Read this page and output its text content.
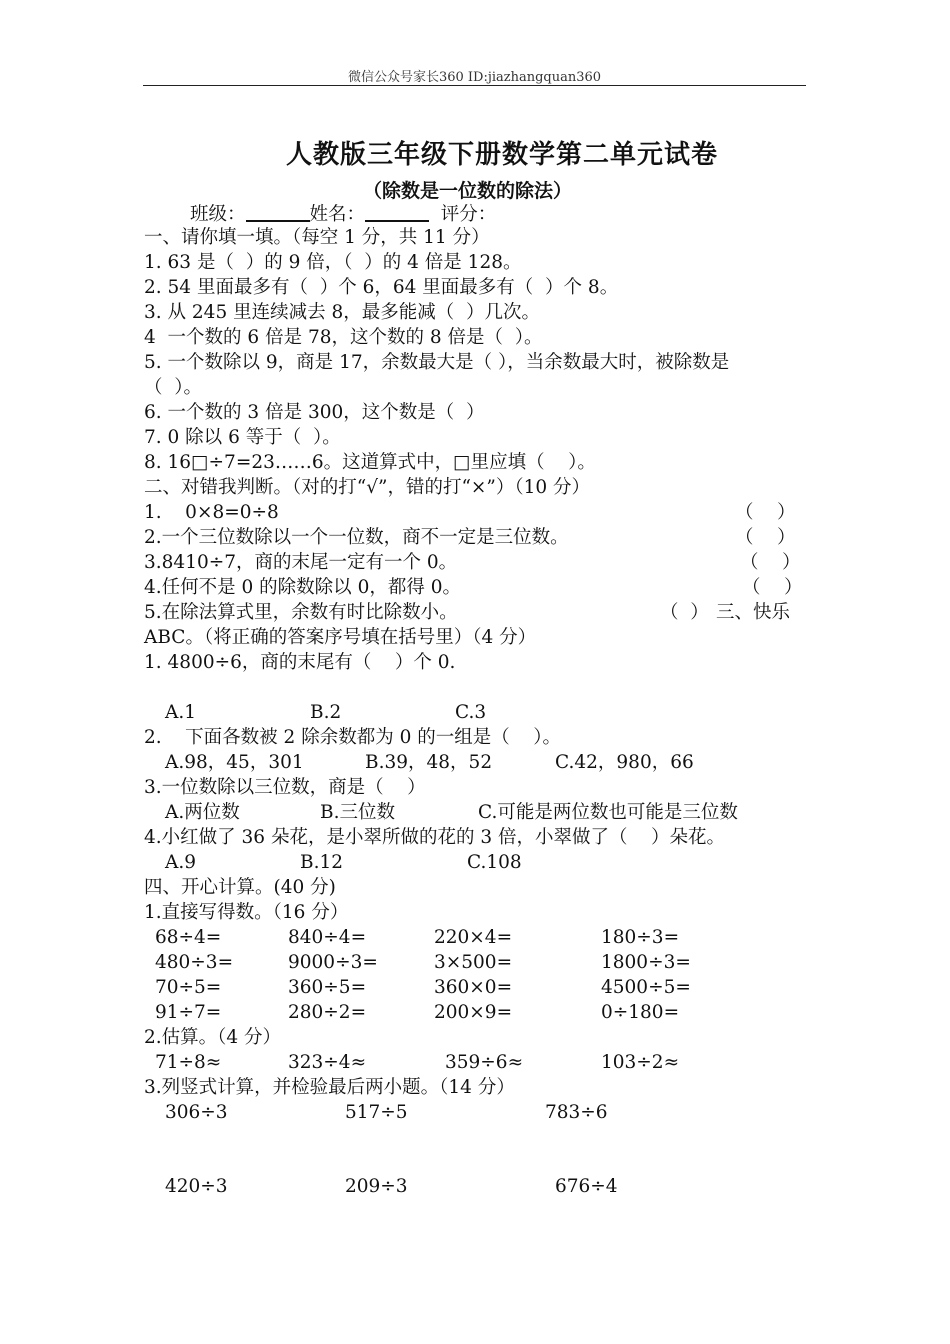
微信公众号家长360 ID:jiazhangquan360
人教版三年级下册数学第二单元试卷
（除数是一位数的除法）
班级：	姓名：	评分：
一、请你填一填。（每空 1 分，共 11 分）
1. 63 是（  ）的 9 倍，（  ）的 4 倍是 128。
2. 54 里面最多有（  ）个 6，64 里面最多有（  ）个 8。
3. 从 245 里连续减去 8，最多能减（  ）几次。
4  一个数的 6 倍是 78，这个数的 8 倍是（  ）。
5. 一个数除以 9，商是 17，余数最大是（ ），当余数最大时，被除数是
（  ）。
6. 一个数的 3 倍是 300，这个数是（  ）
7. 0 除以 6 等于（  ）。
8. 16□÷7=23……6。这道算式中，□里应填（    ）。
二、对错我判断。（对的打“√”，错的打“×”）（10 分）
1.    0×8=0÷8	（    ）
2.一个三位数除以一个一位数，商不一定是三位数。	（    ）
3.8410÷7，商的末尾一定有一个 0。	（    ）
4.任何不是 0 的除数除以 0，都得 0。	（    ）
5.在除法算式里，余数有时比除数小。	（  ） 三、快乐
ABC。（将正确的答案序号填在括号里）（4 分）
1. 4800÷6，商的末尾有（    ）个 0.
A.1	B.2	C.3
2.    下面各数被 2 除余数都为 0 的一组是（    ）。
A.98，45，301	B.39，48，52	C.42，980，66
3.一位数除以三位数，商是（    ）
A.两位数	B.三位数	C.可能是两位数也可能是三位数
4.小红做了 36 朵花，是小翠所做的花的 3 倍，小翠做了（    ）朵花。
A.9	B.12	C.108
四、开心计算。(40 分)
1.直接写得数。（16 分）
68÷4=	840÷4=	220×4=	180÷3=
480÷3=	9000÷3=	3×500=	1800÷3=
70÷5=	360÷5=	360×0=	4500÷5=
91÷7=	280÷2=	200×9=	0÷180=
2.估算。（4 分）
71÷8≈	323÷4≈	359÷6≈	103÷2≈
3.列竖式计算，并检验最后两小题。（14 分）
306÷3	517÷5	783÷6
420÷3	209÷3	676÷4
